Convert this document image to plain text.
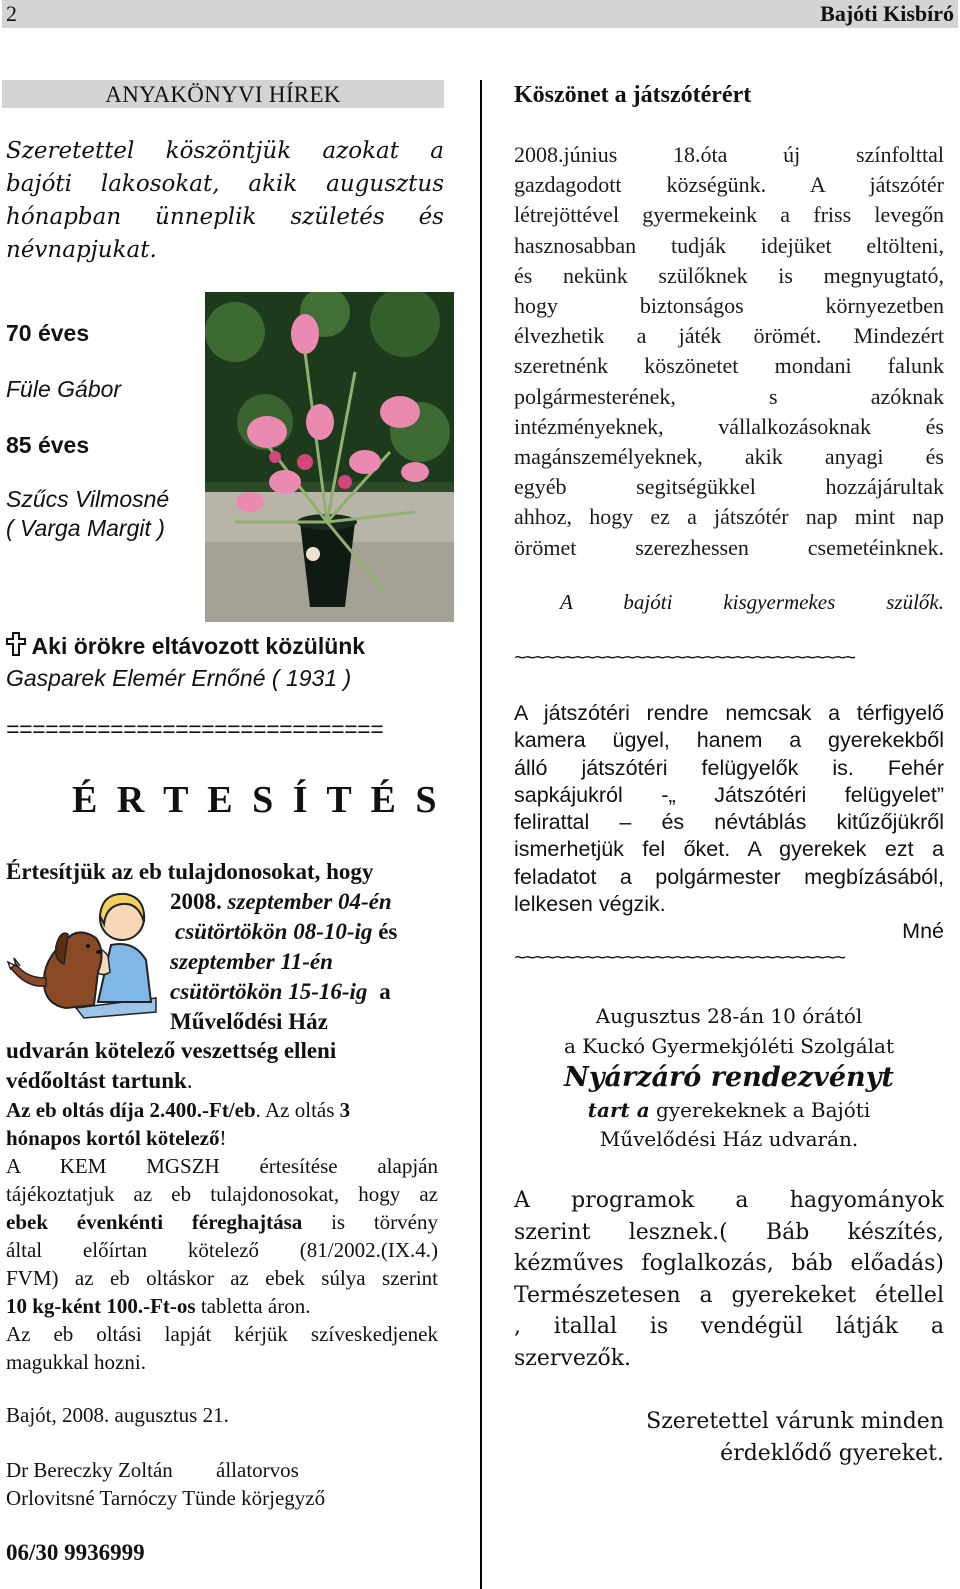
2	Bajóti Kisbíró
ANYAKÖNYVI HÍREK
Szeretettel köszöntjük azokat a
bajóti lakosokat, akik augusztus
hónapban ünneplik születés és
névnapjukat.
70 éves
Füle Gábor
85 éves
Szűcs Vilmosné
( Varga Margit )
Aki örökre eltávozott közülünk
Gasparek Elemér Ernőné ( 1931 )
=============================
É R T E S Í T É S
Értesítjük az eb tulajdonosokat, hogy
2008. szeptember 04-én
csütörtökön 08-10-ig és
szeptember 11-én
csütörtökön 15-16-ig a
Művelődési Ház
udvarán kötelező veszettség elleni
védőoltást tartunk.
Az eb oltás díja 2.400.-Ft/eb. Az oltás 3
hónapos kortól kötelező!
A KEM MGSZH értesítése alapján
tájékoztatjuk az eb tulajdonosokat, hogy az
ebek évenkénti féreghajtása is törvény
által előírtan kötelező (81/2002.(IX.4.)
FVM) az eb oltáskor az ebek súlya szerint
10 kg-ként 100.-Ft-os tabletta áron.
Az eb oltási lapját kérjük szíveskedjenek
magukkal hozni.
Bajót, 2008. augusztus 21.
Dr Bereczky Zoltán állatorvos
Orlovitsné Tarnóczy Tünde körjegyző
06/30 9936999
Köszönet a játszótérért
2008.június 18.óta új színfolttal
gazdagodott községünk. A játszótér
létrejöttével gyermekeink a friss levegőn
hasznosabban tudják idejüket eltölteni,
és nekünk szülőknek is megnyugtató,
hogy biztonságos környezetben
élvezhetik a játék örömét. Mindezért
szeretnénk köszönetet mondani falunk
polgármesterének, s azóknak
intézményeknek, vállalkozásoknak és
magánszemélyeknek, akik anyagi és
egyéb segitségükkel hozzájárultak
ahhoz, hogy ez a játszótér nap mint nap
örömet szerezhessen csemetéinknek.
A bajóti kisgyermekes szülők.
~~~~~~~~~~~~~~~~~~~~~~~~~~~~~~~~~~
A játszótéri rendre nemcsak a térfigyelő
kamera ügyel, hanem a gyerekekből
álló játszótéri felügyelők is. Fehér
sapkájukról -„ Játszótéri felügyelet”
felirattal – és névtáblás kitűzőjükről
ismerhetjük fel őket. A gyerekek ezt a
feladatot a polgármester megbízásából,
lelkesen végzik.
Mné
~~~~~~~~~~~~~~~~~~~~~~~~~~~~~~~~~
Augusztus 28-án 10 órától
a Kuckó Gyermekjóléti Szolgálat
Nyárzáró rendezvényt
tart a gyerekeknek a Bajóti
Művelődési Ház udvarán.
A programok a hagyományok
szerint lesznek.( Báb készítés,
kézműves foglalkozás, báb előadás)
Természetesen a gyerekeket étellel
, itallal is vendégül látják a
szervezők.
Szeretettel várunk minden
érdeklődő gyereket.
